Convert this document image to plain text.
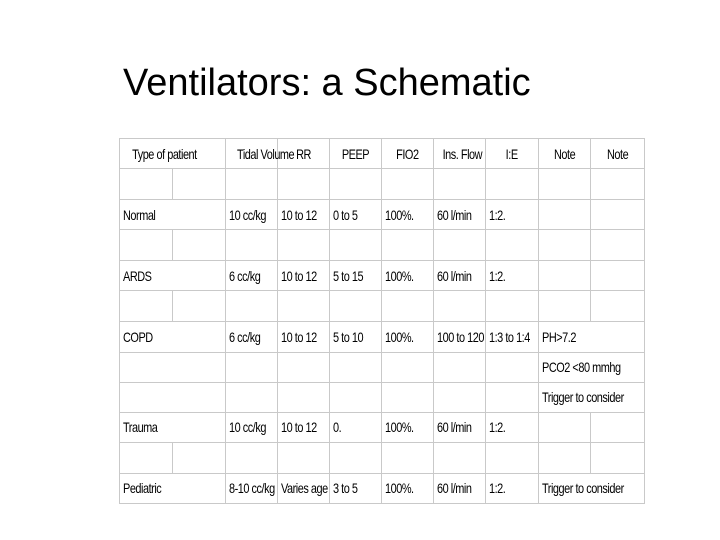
Ventilators: a Schematic
Type of patient		Tidal Volume	RR	PEEP	FIO2	Ins. Flow	I:E	Note	Note

Normal		10 cc/kg	10 to 12	0 to 5	100%.	60 l/min	1:2.		

ARDS		6 cc/kg	10 to 12	5 to 15	100%.	60 l/min	1:2.		

COPD		6 cc/kg	10 to 12	5 to 10	100%.	100 to 120	1:3 to 1:4	PH>7.2	
								PCO2 <80 mmhg	
								Trigger to consider	
Trauma		10 cc/kg	10 to 12	0.	100%.	60 l/min	1:2.		

Pediatric		8-10 cc/kg	Varies age	3 to 5	100%.	60 l/min	1:2.	Trigger to consider	
